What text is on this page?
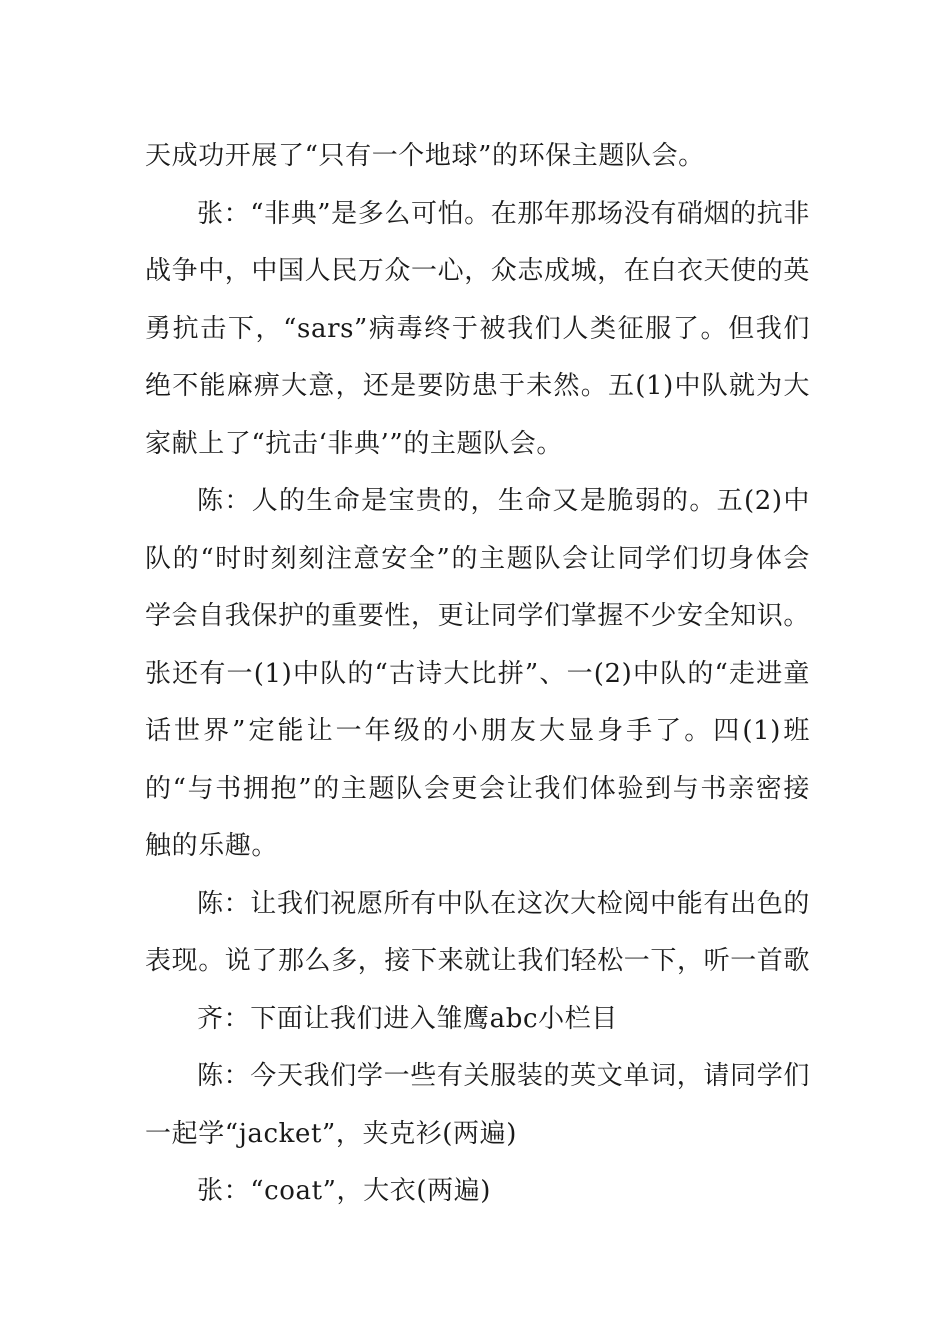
天成功开展了“只有一个地球”的环保主题队会。

张：“非典”是多么可怕。在那年那场没有硝烟的抗非战争中，中国人民万众一心，众志成城，在白衣天使的英勇抗击下，“sars”病毒终于被我们人类征服了。但我们绝不能麻痹大意，还是要防患于未然。五(1)中队就为大家献上了“抗击‘非典’”的主题队会。

陈：人的生命是宝贵的，生命又是脆弱的。五(2)中队的“时时刻刻注意安全”的主题队会让同学们切身体会学会自我保护的重要性，更让同学们掌握不少安全知识。张还有一(1)中队的“古诗大比拼”、一(2)中队的“走进童话世界”定能让一年级的小朋友大显身手了。四(1)班的“与书拥抱”的主题队会更会让我们体验到与书亲密接触的乐趣。

陈：让我们祝愿所有中队在这次大检阅中能有出色的表现。说了那么多，接下来就让我们轻松一下，听一首歌

齐：下面让我们进入雏鹰abc小栏目

陈：今天我们学一些有关服装的英文单词，请同学们一起学“jacket”，夹克衫(两遍)

张：“coat”，大衣(两遍)
